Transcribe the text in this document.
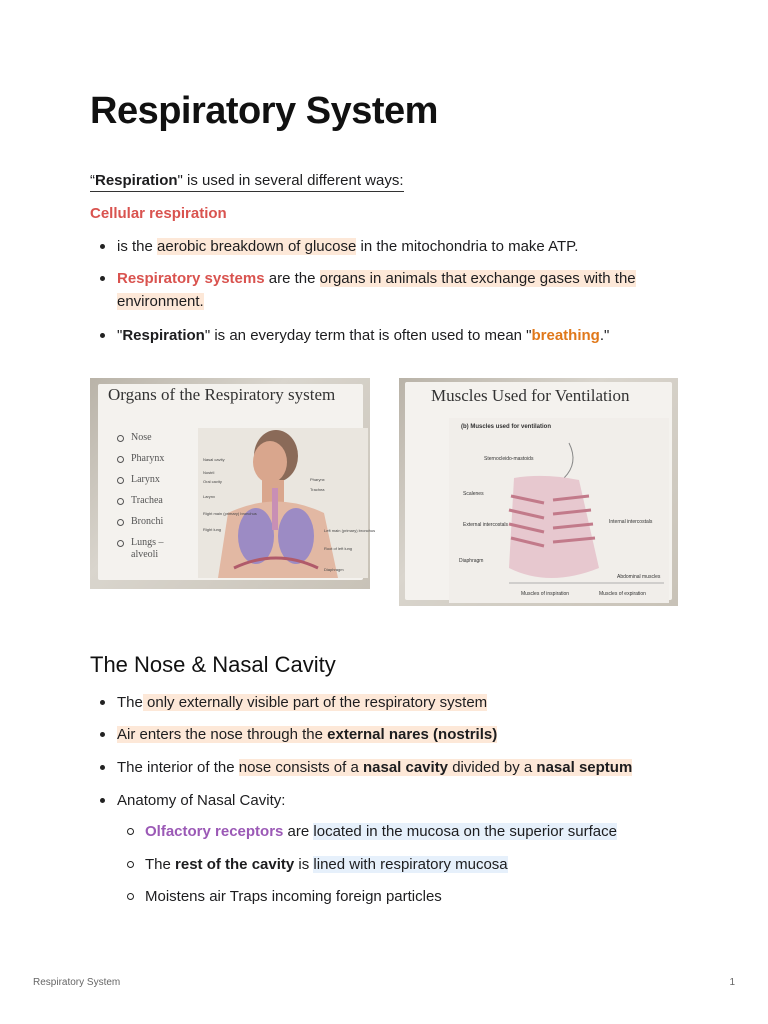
Respiratory System
“Respiration" is used in several different ways:
Cellular respiration
is the aerobic breakdown of glucose in the mitochondria to make ATP.
Respiratory systems are the organs in animals that exchange gases with the environment.
"Respiration" is an everyday term that is often used to mean "breathing."
Organs of the Respiratory system
Nose
Pharynx
Larynx
Trachea
Bronchi
Lungs –
alveoli
Nasal cavity
Nostril
Oral cavity
Larynx
Right main (primary) bronchus
Right lung
Pharynx
Trachea
Left main (primary) bronchus
Root of left lung
Diaphragm
Muscles Used for Ventilation
(b) Muscles used for ventilation
Sternocleido-mastoids
Scalenes
External intercostals
Diaphragm
Internal intercostals
Abdominal muscles
Muscles of inspiration	Muscles of expiration
The Nose & Nasal Cavity
The only externally visible part of the respiratory system
Air enters the nose through the external nares (nostrils)
The interior of the nose consists of a nasal cavity divided by a nasal septum
Anatomy of Nasal Cavity:
Olfactory receptors are located in the mucosa on the superior surface
The rest of the cavity is lined with respiratory mucosa
Moistens air Traps incoming foreign particles
Respiratory System	1
